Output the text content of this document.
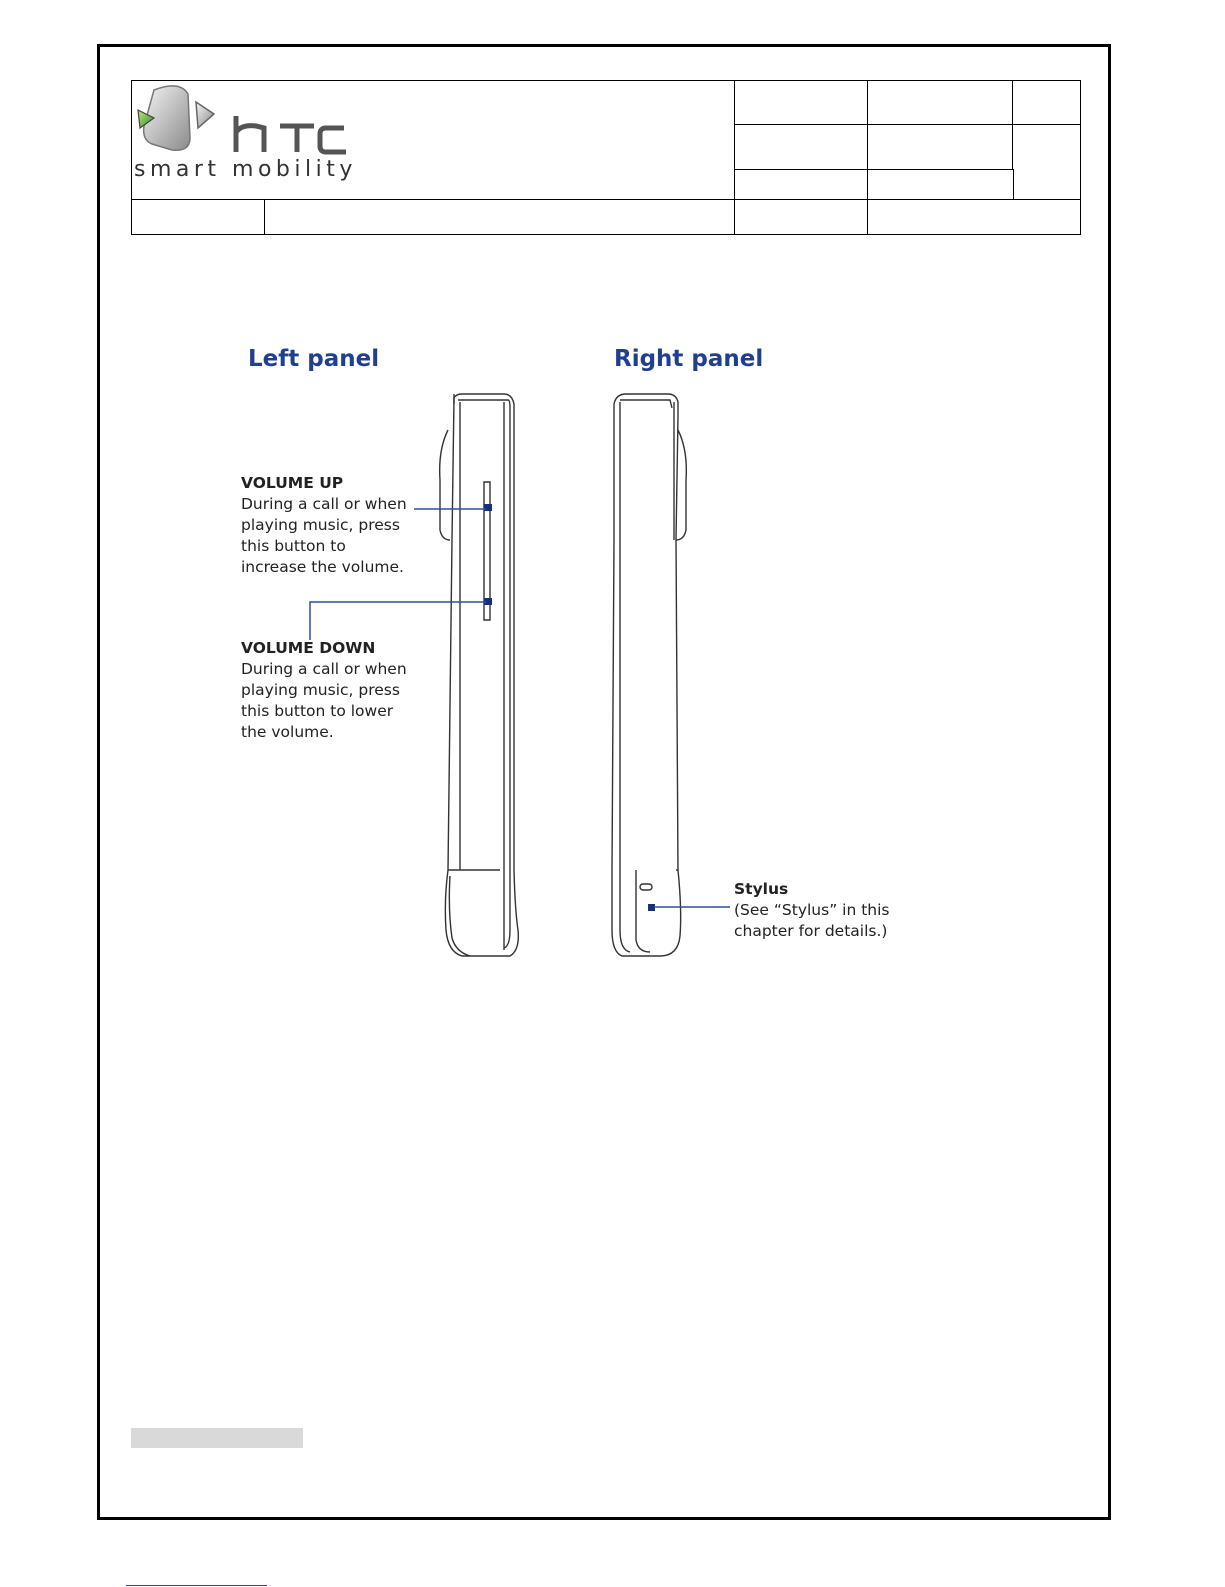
smart mobility
Left panel	Right panel
VOLUME UP
During a call or when playing music, press this button to increase the volume.
VOLUME DOWN
During a call or when playing music, press this button to lower the volume.
Stylus
(See “Stylus” in this chapter for details.)
